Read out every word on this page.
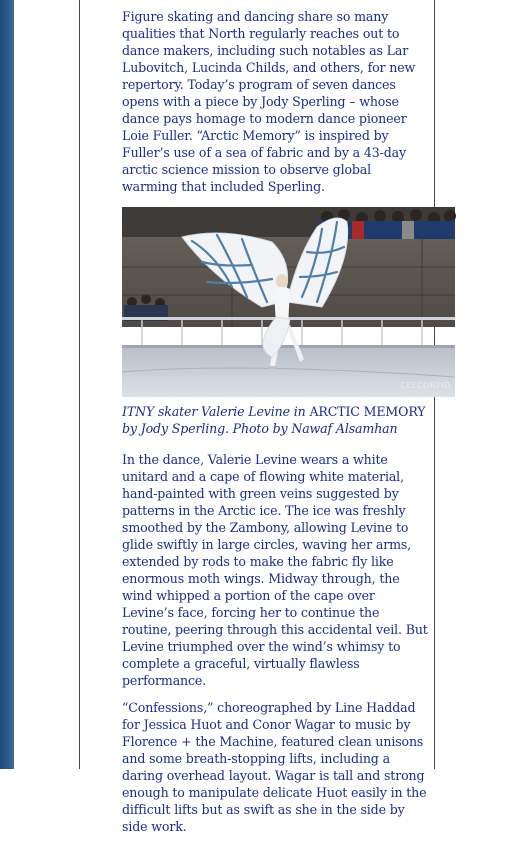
Figure skating and dancing share so many qualities that North regularly reaches out to dance makers, including such notables as Lar Lubovitch, Lucinda Childs, and others, for new repertory. Today’s program of seven dances opens with a piece by Jody Sperling – whose dance pays homage to modern dance pioneer Loie Fuller. “Arctic Memory” is inspired by Fuller’s use of a sea of fabric and by a 43-day arctic science mission to observe global warming that included Sperling.

CELCORPIO

ITNY skater Valerie Levine in ARCTIC MEMORY by Jody Sperling. Photo by Nawaf Alsamhan

In the dance, Valerie Levine wears a white unitard and a cape of flowing white material, hand-painted with green veins suggested by patterns in the Arctic ice. The ice was freshly smoothed by the Zambony, allowing Levine to glide swiftly in large circles, waving her arms, extended by rods to make the fabric fly like enormous moth wings. Midway through, the wind whipped a portion of the cape over Levine’s face, forcing her to continue the routine, peering through this accidental veil. But Levine triumphed over the wind’s whimsy to complete a graceful, virtually flawless performance.

“Confessions,” choreographed by Line Haddad for Jessica Huot and Conor Wagar to music by Florence + the Machine, featured clean unisons and some breath-stopping lifts, including a daring overhead layout. Wagar is tall and strong enough to manipulate delicate Huot easily in the difficult lifts but as swift as she in the side by side work.
